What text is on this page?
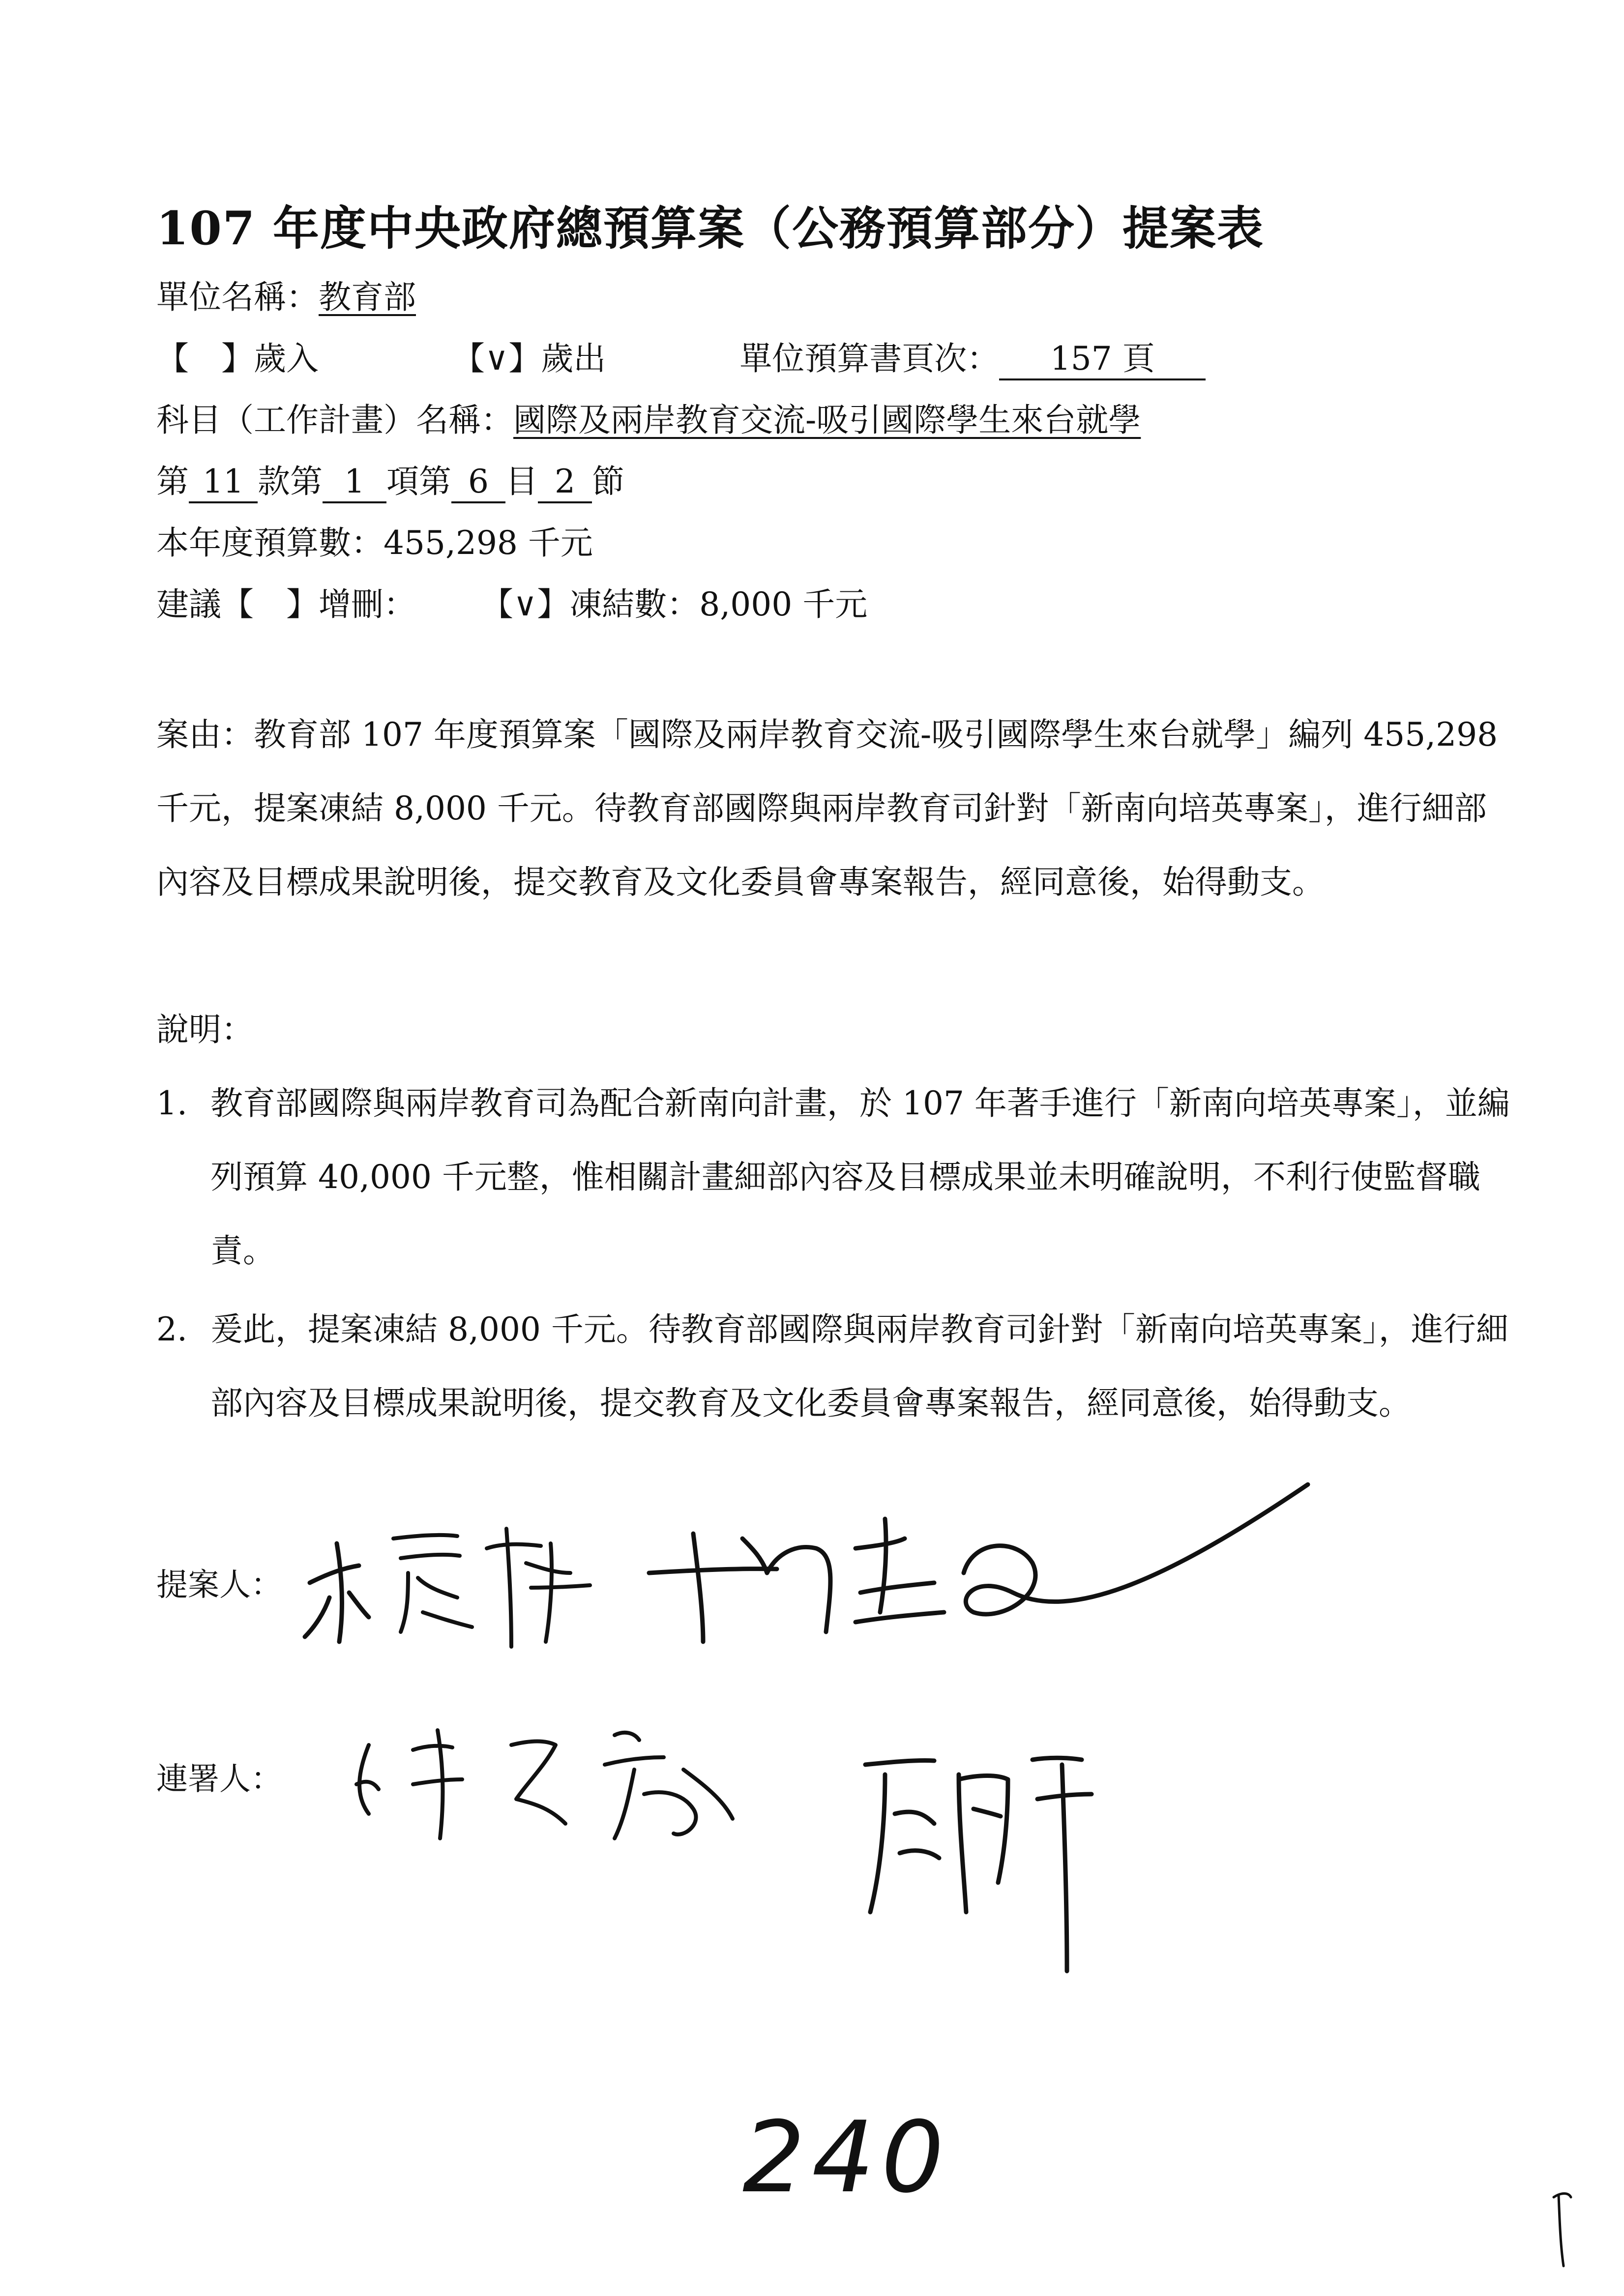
107 年度中央政府總預算案（公務預算部分）提案表
單位名稱：教育部
【　】歲入	【∨】歲出	單位預算書頁次： 157 頁
科目（工作計畫）名稱：國際及兩岸教育交流-吸引國際學生來台就學
第 11 款第 1 項第 6 目 2 節
本年度預算數：455,298 千元
建議【　】增刪： 【∨】凍結數：8,000 千元
案由：教育部 107 年度預算案「國際及兩岸教育交流-吸引國際學生來台就學」編列 455,298 千元，提案凍結 8,000 千元。待教育部國際與兩岸教育司針對「新南向培英專案」，進行細部內容及目標成果說明後，提交教育及文化委員會專案報告，經同意後，始得動支。
說明：
1. 教育部國際與兩岸教育司為配合新南向計畫，於 107 年著手進行「新南向培英專案」，並編列預算 40,000 千元整，惟相關計畫細部內容及目標成果並未明確說明，不利行使監督職責。
2. 爰此，提案凍結 8,000 千元。待教育部國際與兩岸教育司針對「新南向培英專案」，進行細部內容及目標成果說明後，提交教育及文化委員會專案報告，經同意後，始得動支。
提案人：
連署人：
240
